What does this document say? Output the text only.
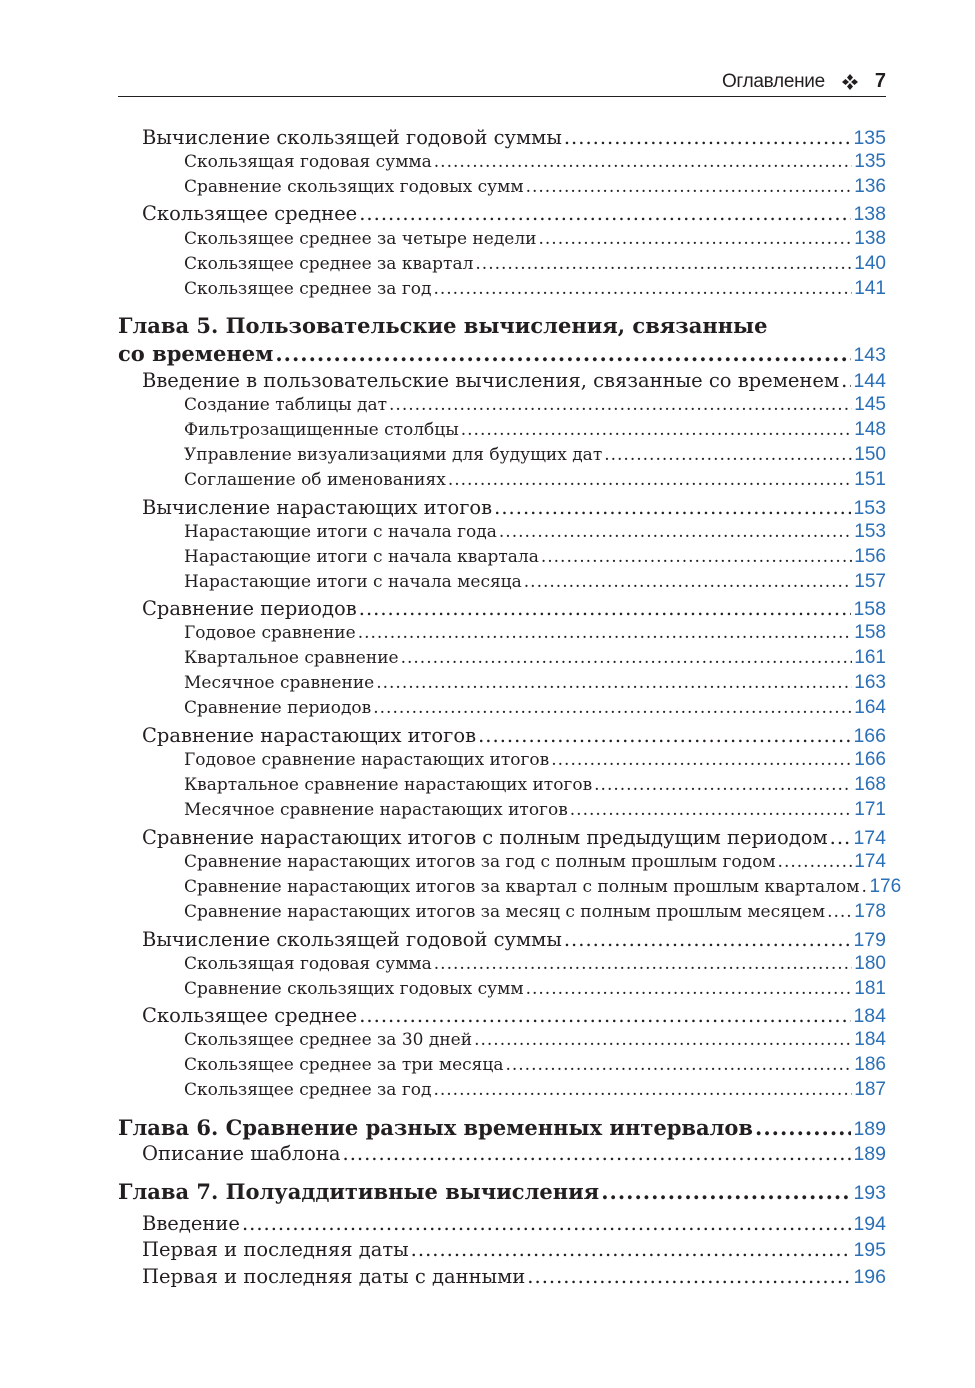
Оглавление	7
Вычисление скользящей годовой суммы .....	135
Скользящая годовая сумма .....	135
Сравнение скользящих годовых сумм .....	136
Скользящее среднее .....	138
Скользящее среднее за четыре недели .....	138
Скользящее среднее за квартал .....	140
Скользящее среднее за год .....	141
Глава 5. Пользовательские вычисления, связанные
со временем .....	143
Введение в пользовательские вычисления, связанные со временем ..... 144
Создание таблицы дат .....	145
Фильтрозащищенные столбцы .....	148
Управление визуализациями для будущих дат .....	150
Соглашение об именованиях .....	151
Вычисление нарастающих итогов .....	153
Нарастающие итоги с начала года .....	153
Нарастающие итоги с начала квартала .....	156
Нарастающие итоги с начала месяца .....	157
Сравнение периодов .....	158
Годовое сравнение .....	158
Квартальное сравнение .....	161
Месячное сравнение .....	163
Сравнение периодов .....	164
Сравнение нарастающих итогов .....	166
Годовое сравнение нарастающих итогов .....	166
Квартальное сравнение нарастающих итогов .....	168
Месячное сравнение нарастающих итогов .....	171
Сравнение нарастающих итогов с полным предыдущим периодом ..... 174
Сравнение нарастающих итогов за год с полным прошлым годом .....	174
Сравнение нарастающих итогов за квартал с полным прошлым кварталом ..... 176
Сравнение нарастающих итогов за месяц с полным прошлым месяцем ..... 178
Вычисление скользящей годовой суммы .....	179
Скользящая годовая сумма .....	180
Сравнение скользящих годовых сумм .....	181
Скользящее среднее .....	184
Скользящее среднее за 30 дней .....	184
Скользящее среднее за три месяца .....	186
Скользящее среднее за год .....	187
Глава 6. Сравнение разных временных интервалов .....	189
Описание шаблона .....	189
Глава 7. Полуаддитивные вычисления .....	193
Введение .....	194
Первая и последняя даты .....	195
Первая и последняя даты с данными .....	196
